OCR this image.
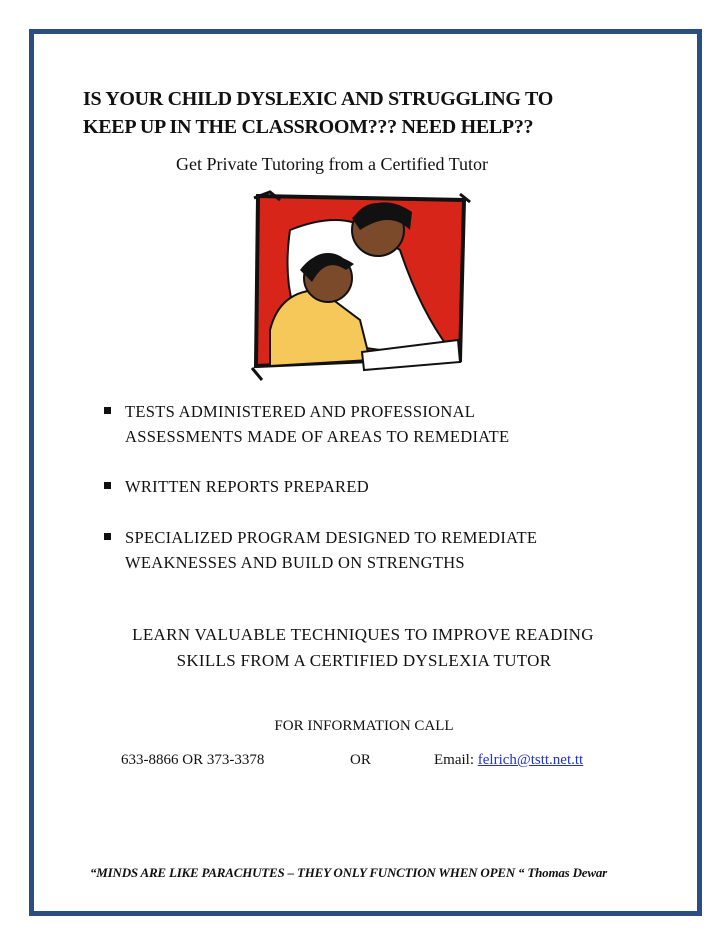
IS YOUR CHILD DYSLEXIC AND STRUGGLING TO
KEEP UP IN THE CLASSROOM??? NEED HELP??
Get Private Tutoring from a Certified Tutor
TESTS ADMINISTERED AND PROFESSIONAL
ASSESSMENTS MADE OF AREAS TO REMEDIATE
WRITTEN REPORTS PREPARED
SPECIALIZED PROGRAM DESIGNED TO REMEDIATE
WEAKNESSES AND BUILD ON STRENGTHS
LEARN VALUABLE TECHNIQUES TO IMPROVE READING
SKILLS FROM A CERTIFIED DYSLEXIA TUTOR
FOR INFORMATION CALL
633-8866 OR 373-3378	OR	Email: felrich@tstt.net.tt
“MINDS ARE LIKE PARACHUTES – THEY ONLY FUNCTION WHEN OPEN “ Thomas Dewar
